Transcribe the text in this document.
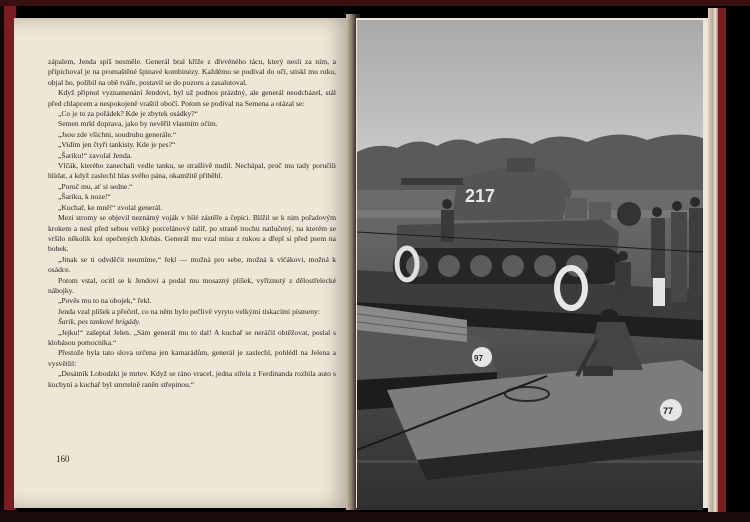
zápalem, Jenda spíš nesměle. Generál bral kříže z dřevěného tácu, který nesli za ním, a připichoval je na promaštěné špinavé kombinézy. Každému se podíval do očí, stiskl mu ruku, objal ho, políbil na obě tváře, postavil se do pozoru a zasalutoval.

Když připnul vyznamenání Jendovi, byl už podnos prázdný, ale generál neodcházel, stál před chlapcem a nespokojeně vraštil obočí. Potom se podíval na Semena a otázal se:

„Co je to za pořádek? Kde je zbytek osádky?“

Semen mrkl doprava, jako by nevěřil vlastním očím.

„Jsou zde všichni, soudruhu generále.“

„Vidím jen čtyři tankisty. Kde je pes?“

„Šariku!“ zavolal Jenda.

Vlčák, kterého zanechali vedle tanku, se strašlivě nudil. Nechápal, proč mu tady poručili hlídat, a když zaslechl hlas svého pána, okamžitě přiběhl.

„Poruč mu, ať si sedne.“

„Šariku, k noze!“

„Kuchař, ke mně!“ zvolal generál.

Mezi stromy se objevil neznámý voják v bílé zástěře a čepici. Blížil se k nim pořadovým krokem a nesl před sebou veliký porcelánový talíř, po straně trochu natlučený, na kterém se vršilo několik kol opečených klobás. Generál mu vzal mísu z rukou a dřepl si před psem na bobek.

„Jinak se ti odvděčit neumíme,“ řekl — možná pro sebe, možná k vlčákovi, možná k osádce.

Potom vstal, ocitl se k Jendovi a podal mu mosazný plíšek, vyříznutý z dělostřelecké nábojky.

„Pověs mu to na obojek,“ řekl.

Jenda vzal plíšek a přečetl, co na něm bylo pečlivě vyryto velkými tiskacími písmeny:

Šarik, pes tankové brigády.

„Jejku!“ zašeptal Jelen. „Sám generál mu to dal! A kuchař se neráčil obtěžovat, poslal s klobásou pomocníka.“

Přestože byla tato slova určena jen kamarádům, generál je zaslechl, pohlédl na Jelena a vysvětlil:

„Desátník Lobodzki je mrtev. Když se ráno vracel, jedna střela z Ferdinanda rozbila auto s kuchyní a kuchař byl smrtelně raněn střepinou.“

160
217
97
77
